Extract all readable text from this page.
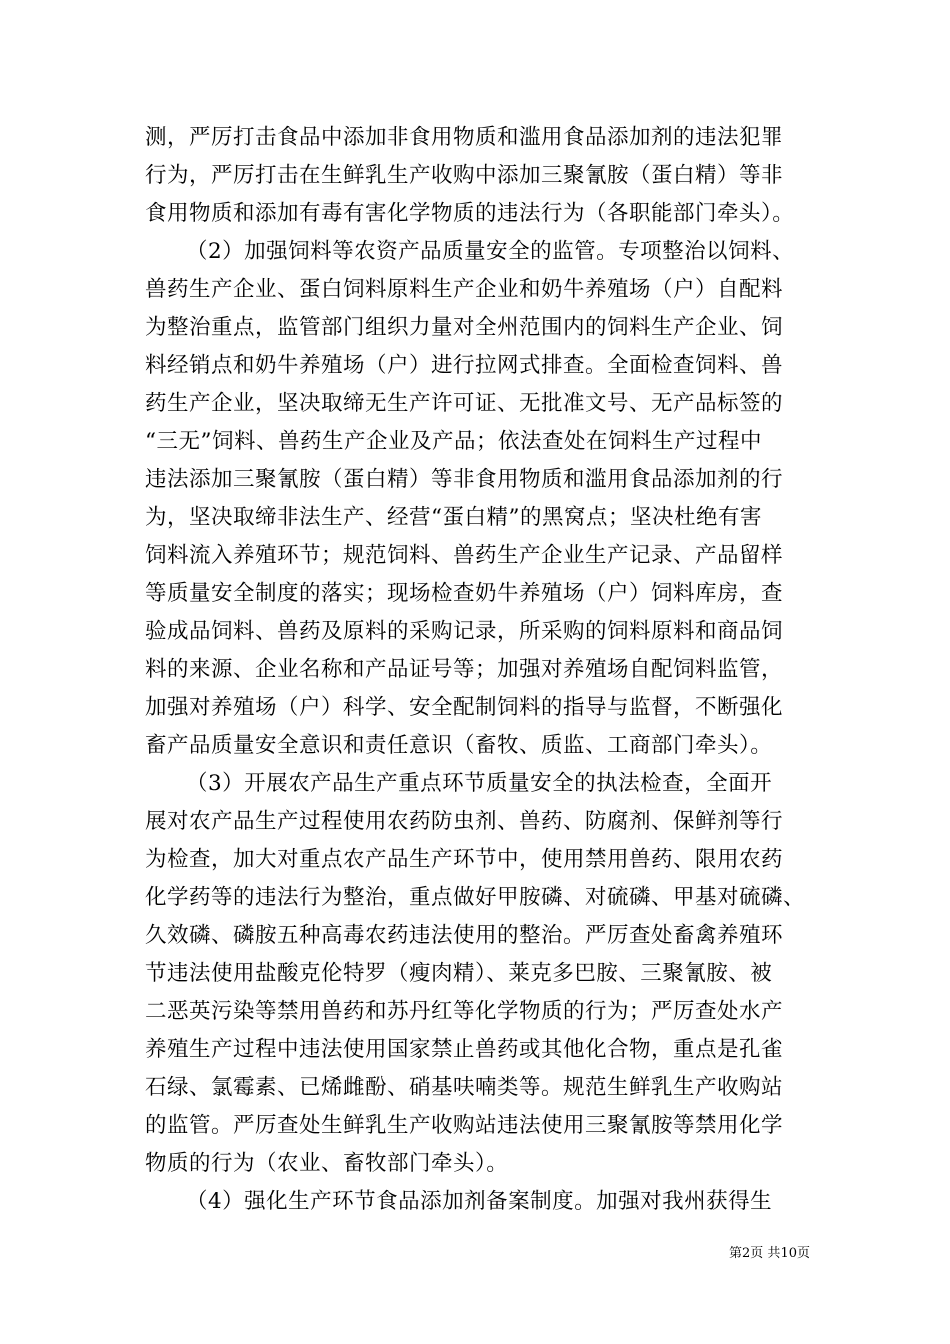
测，严厉打击食品中添加非食用物质和滥用食品添加剂的违法犯罪
行为，严厉打击在生鲜乳生产收购中添加三聚氰胺（蛋白精）等非
食用物质和添加有毒有害化学物质的违法行为（各职能部门牵头）。
（2）加强饲料等农资产品质量安全的监管。专项整治以饲料、
兽药生产企业、蛋白饲料原料生产企业和奶牛养殖场（户）自配料
为整治重点，监管部门组织力量对全州范围内的饲料生产企业、饲
料经销点和奶牛养殖场（户）进行拉网式排查。全面检查饲料、兽
药生产企业，坚决取缔无生产许可证、无批准文号、无产品标签的
“三无”饲料、兽药生产企业及产品；依法查处在饲料生产过程中
违法添加三聚氰胺（蛋白精）等非食用物质和滥用食品添加剂的行
为，坚决取缔非法生产、经营“蛋白精”的黑窝点；坚决杜绝有害
饲料流入养殖环节；规范饲料、兽药生产企业生产记录、产品留样
等质量安全制度的落实；现场检查奶牛养殖场（户）饲料库房，查
验成品饲料、兽药及原料的采购记录，所采购的饲料原料和商品饲
料的来源、企业名称和产品证号等；加强对养殖场自配饲料监管，
加强对养殖场（户）科学、安全配制饲料的指导与监督，不断强化
畜产品质量安全意识和责任意识（畜牧、质监、工商部门牵头）。
（3）开展农产品生产重点环节质量安全的执法检查，全面开
展对农产品生产过程使用农药防虫剂、兽药、防腐剂、保鲜剂等行
为检查，加大对重点农产品生产环节中，使用禁用兽药、限用农药
化学药等的违法行为整治，重点做好甲胺磷、对硫磷、甲基对硫磷、
久效磷、磷胺五种高毒农药违法使用的整治。严厉查处畜禽养殖环
节违法使用盐酸克伦特罗（瘦肉精）、莱克多巴胺、三聚氰胺、被
二恶英污染等禁用兽药和苏丹红等化学物质的行为；严厉查处水产
养殖生产过程中违法使用国家禁止兽药或其他化合物，重点是孔雀
石绿、氯霉素、已烯雌酚、硝基呋喃类等。规范生鲜乳生产收购站
的监管。严厉查处生鲜乳生产收购站违法使用三聚氰胺等禁用化学
物质的行为（农业、畜牧部门牵头）。
（4）强化生产环节食品添加剂备案制度。加强对我州获得生
第2页 共10页
